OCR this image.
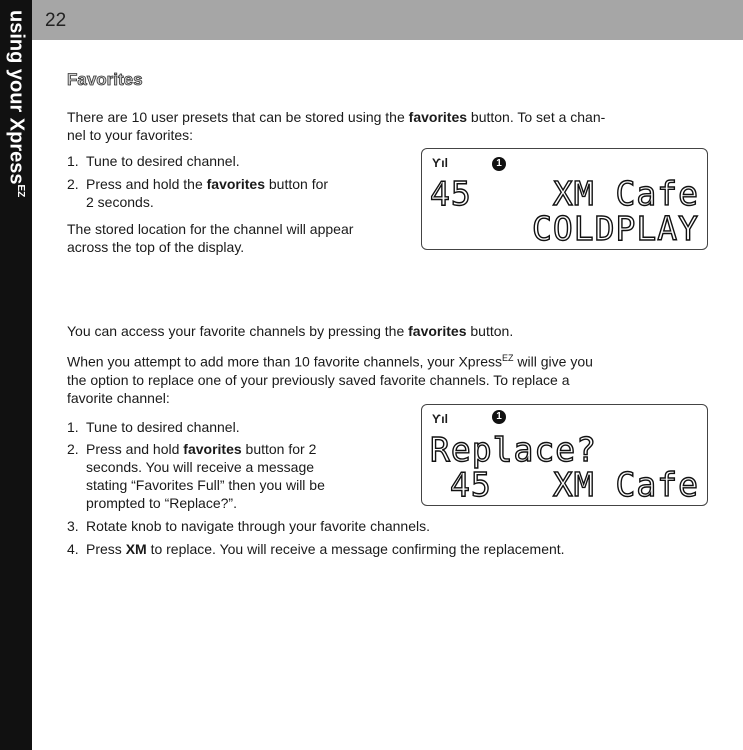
using your Xpress$^{EZ}$
22
Favorites
There are 10 user presets that can be stored using the favorites button. To set a chan-
nel to your favorites:
1. Tune to desired channel.
2. Press and hold the favorites button for
2 seconds.
The stored location for the channel will appear
across the top of the display.
Ƴıl	1
45 XM Cafe
COLDPLAY
You can access your favorite channels by pressing the favorites button.
When you attempt to add more than 10 favorite channels, your Xpress$^{EZ}$ will give you
the option to replace one of your previously saved favorite channels. To replace a
favorite channel:
1. Tune to desired channel.
2. Press and hold favorites button for 2
seconds. You will receive a message
stating “Favorites Full” then you will be
prompted to “Replace?”.
3. Rotate knob to navigate through your favorite channels.
4. Press XM to replace. You will receive a message confirming the replacement.
Ƴıl	1
Replace?
45 XM Cafe
